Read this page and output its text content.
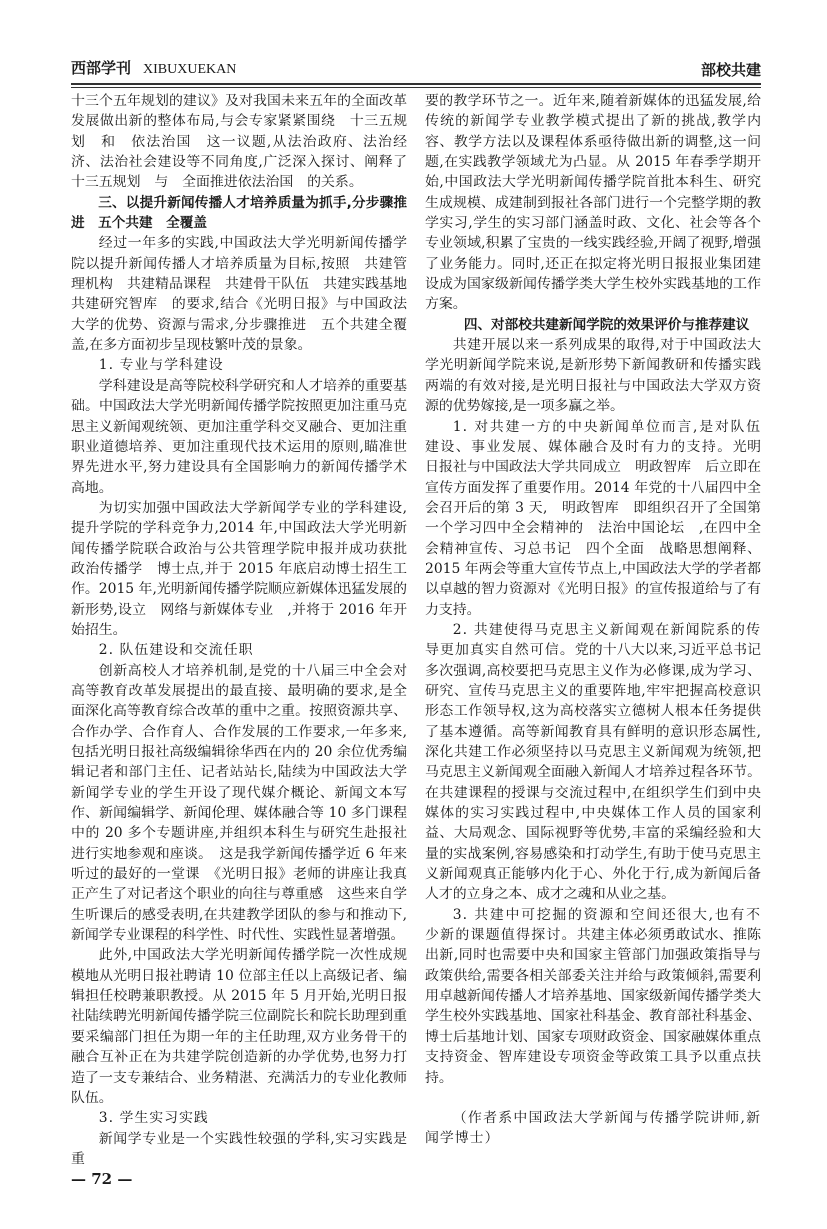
西部学刊 XIBUXUEKAN	部校共建

十三个五年规划的建议》及对我国未来五年的全面改革发展做出新的整体布局,与会专家紧紧围绕　十三五规划　和　依法治国　这一议题,从法治政府、法治经济、法治社会建设等不同角度,广泛深入探讨、阐释了　十三五规划　与　全面推进依法治国　的关系。

三、以提升新闻传播人才培养质量为抓手,分步骤推进　五个共建　全覆盖

经过一年多的实践,中国政法大学光明新闻传播学院以提升新闻传播人才培养质量为目标,按照　共建管理机构　共建精品课程　共建骨干队伍　共建实践基地　共建研究智库　的要求,结合《光明日报》与中国政法大学的优势、资源与需求,分步骤推进　五个共建全覆盖,在多方面初步呈现枝繁叶茂的景象。

1. 专业与学科建设

学科建设是高等院校科学研究和人才培养的重要基础。中国政法大学光明新闻传播学院按照更加注重马克思主义新闻观统领、更加注重学科交叉融合、更加注重职业道德培养、更加注重现代技术运用的原则,瞄准世界先进水平,努力建设具有全国影响力的新闻传播学术高地。

为切实加强中国政法大学新闻学专业的学科建设,提升学院的学科竞争力,2014 年,中国政法大学光明新闻传播学院联合政治与公共管理学院申报并成功获批　政治传播学　博士点,并于 2015 年底启动博士招生工作。2015 年,光明新闻传播学院顺应新媒体迅猛发展的新形势,设立　网络与新媒体专业　,并将于 2016 年开始招生。

2. 队伍建设和交流任职

创新高校人才培养机制,是党的十八届三中全会对高等教育改革发展提出的最直接、最明确的要求,是全面深化高等教育综合改革的重中之重。按照资源共享、合作办学、合作育人、合作发展的工作要求,一年多来,包括光明日报社高级编辑徐华西在内的 20 余位优秀编辑记者和部门主任、记者站站长,陆续为中国政法大学新闻学专业的学生开设了现代媒介概论、新闻文本写作、新闻编辑学、新闻伦理、媒体融合等 10 多门课程中的 20 多个专题讲座,并组织本科生与研究生赴报社进行实地参观和座谈。　这是我学新闻传播学近 6 年来听过的最好的一堂课　《光明日报》老师的讲座让我真正产生了对记者这个职业的向往与尊重感　这些来自学生听课后的感受表明,在共建教学团队的参与和推动下,新闻学专业课程的科学性、时代性、实践性显著增强。

此外,中国政法大学光明新闻传播学院一次性成规模地从光明日报社聘请 10 位部主任以上高级记者、编辑担任校聘兼职教授。从 2015 年 5 月开始,光明日报社陆续聘光明新闻传播学院三位副院长和院长助理到重要采编部门担任为期一年的主任助理,双方业务骨干的融合互补正在为共建学院创造新的办学优势,也努力打造了一支专兼结合、业务精湛、充满活力的专业化教师队伍。

3. 学生实习实践

新闻学专业是一个实践性较强的学科,实习实践是重

— 72 —

要的教学环节之一。近年来,随着新媒体的迅猛发展,给传统的新闻学专业教学模式提出了新的挑战,教学内容、教学方法以及课程体系亟待做出新的调整,这一问题,在实践教学领域尤为凸显。从 2015 年春季学期开始,中国政法大学光明新闻传播学院首批本科生、研究生成规模、成建制到报社各部门进行一个完整学期的教学实习,学生的实习部门涵盖时政、文化、社会等各个专业领域,积累了宝贵的一线实践经验,开阔了视野,增强了业务能力。同时,还正在拟定将光明日报报业集团建设成为国家级新闻传播学类大学生校外实践基地的工作方案。

四、对部校共建新闻学院的效果评价与推荐建议

共建开展以来一系列成果的取得,对于中国政法大学光明新闻学院来说,是新形势下新闻教研和传播实践两端的有效对接,是光明日报社与中国政法大学双方资源的优势嫁接,是一项多赢之举。

1. 对共建一方的中央新闻单位而言,是对队伍建设、事业发展、媒体融合及时有力的支持。光明日报社与中国政法大学共同成立　明政智库　后立即在宣传方面发挥了重要作用。2014 年党的十八届四中全会召开后的第 3 天,　明政智库　即组织召开了全国第一个学习四中全会精神的　法治中国论坛　,在四中全会精神宣传、习总书记　四个全面　战略思想阐释、2015 年两会等重大宣传节点上,中国政法大学的学者都以卓越的智力资源对《光明日报》的宣传报道给与了有力支持。

2. 共建使得马克思主义新闻观在新闻院系的传导更加真实自然可信。党的十八大以来,习近平总书记多次强调,高校要把马克思主义作为必修课,成为学习、研究、宣传马克思主义的重要阵地,牢牢把握高校意识形态工作领导权,这为高校落实立德树人根本任务提供了基本遵循。高等新闻教育具有鲜明的意识形态属性,深化共建工作必须坚持以马克思主义新闻观为统领,把马克思主义新闻观全面融入新闻人才培养过程各环节。在共建课程的授课与交流过程中,在组织学生们到中央媒体的实习实践过程中,中央媒体工作人员的国家利益、大局观念、国际视野等优势,丰富的采编经验和大量的实战案例,容易感染和打动学生,有助于使马克思主义新闻观真正能够内化于心、外化于行,成为新闻后备人才的立身之本、成才之魂和从业之基。

3. 共建中可挖掘的资源和空间还很大,也有不少新的课题值得探讨。共建主体必须勇敢试水、推陈出新,同时也需要中央和国家主管部门加强政策指导与政策供给,需要各相关部委关注并给与政策倾斜,需要利用卓越新闻传播人才培养基地、国家级新闻传播学类大学生校外实践基地、国家社科基金、教育部社科基金、博士后基地计划、国家专项财政资金、国家融媒体重点支持资金、智库建设专项资金等政策工具予以重点扶持。

（作者系中国政法大学新闻与传播学院讲师,新闻学博士）
